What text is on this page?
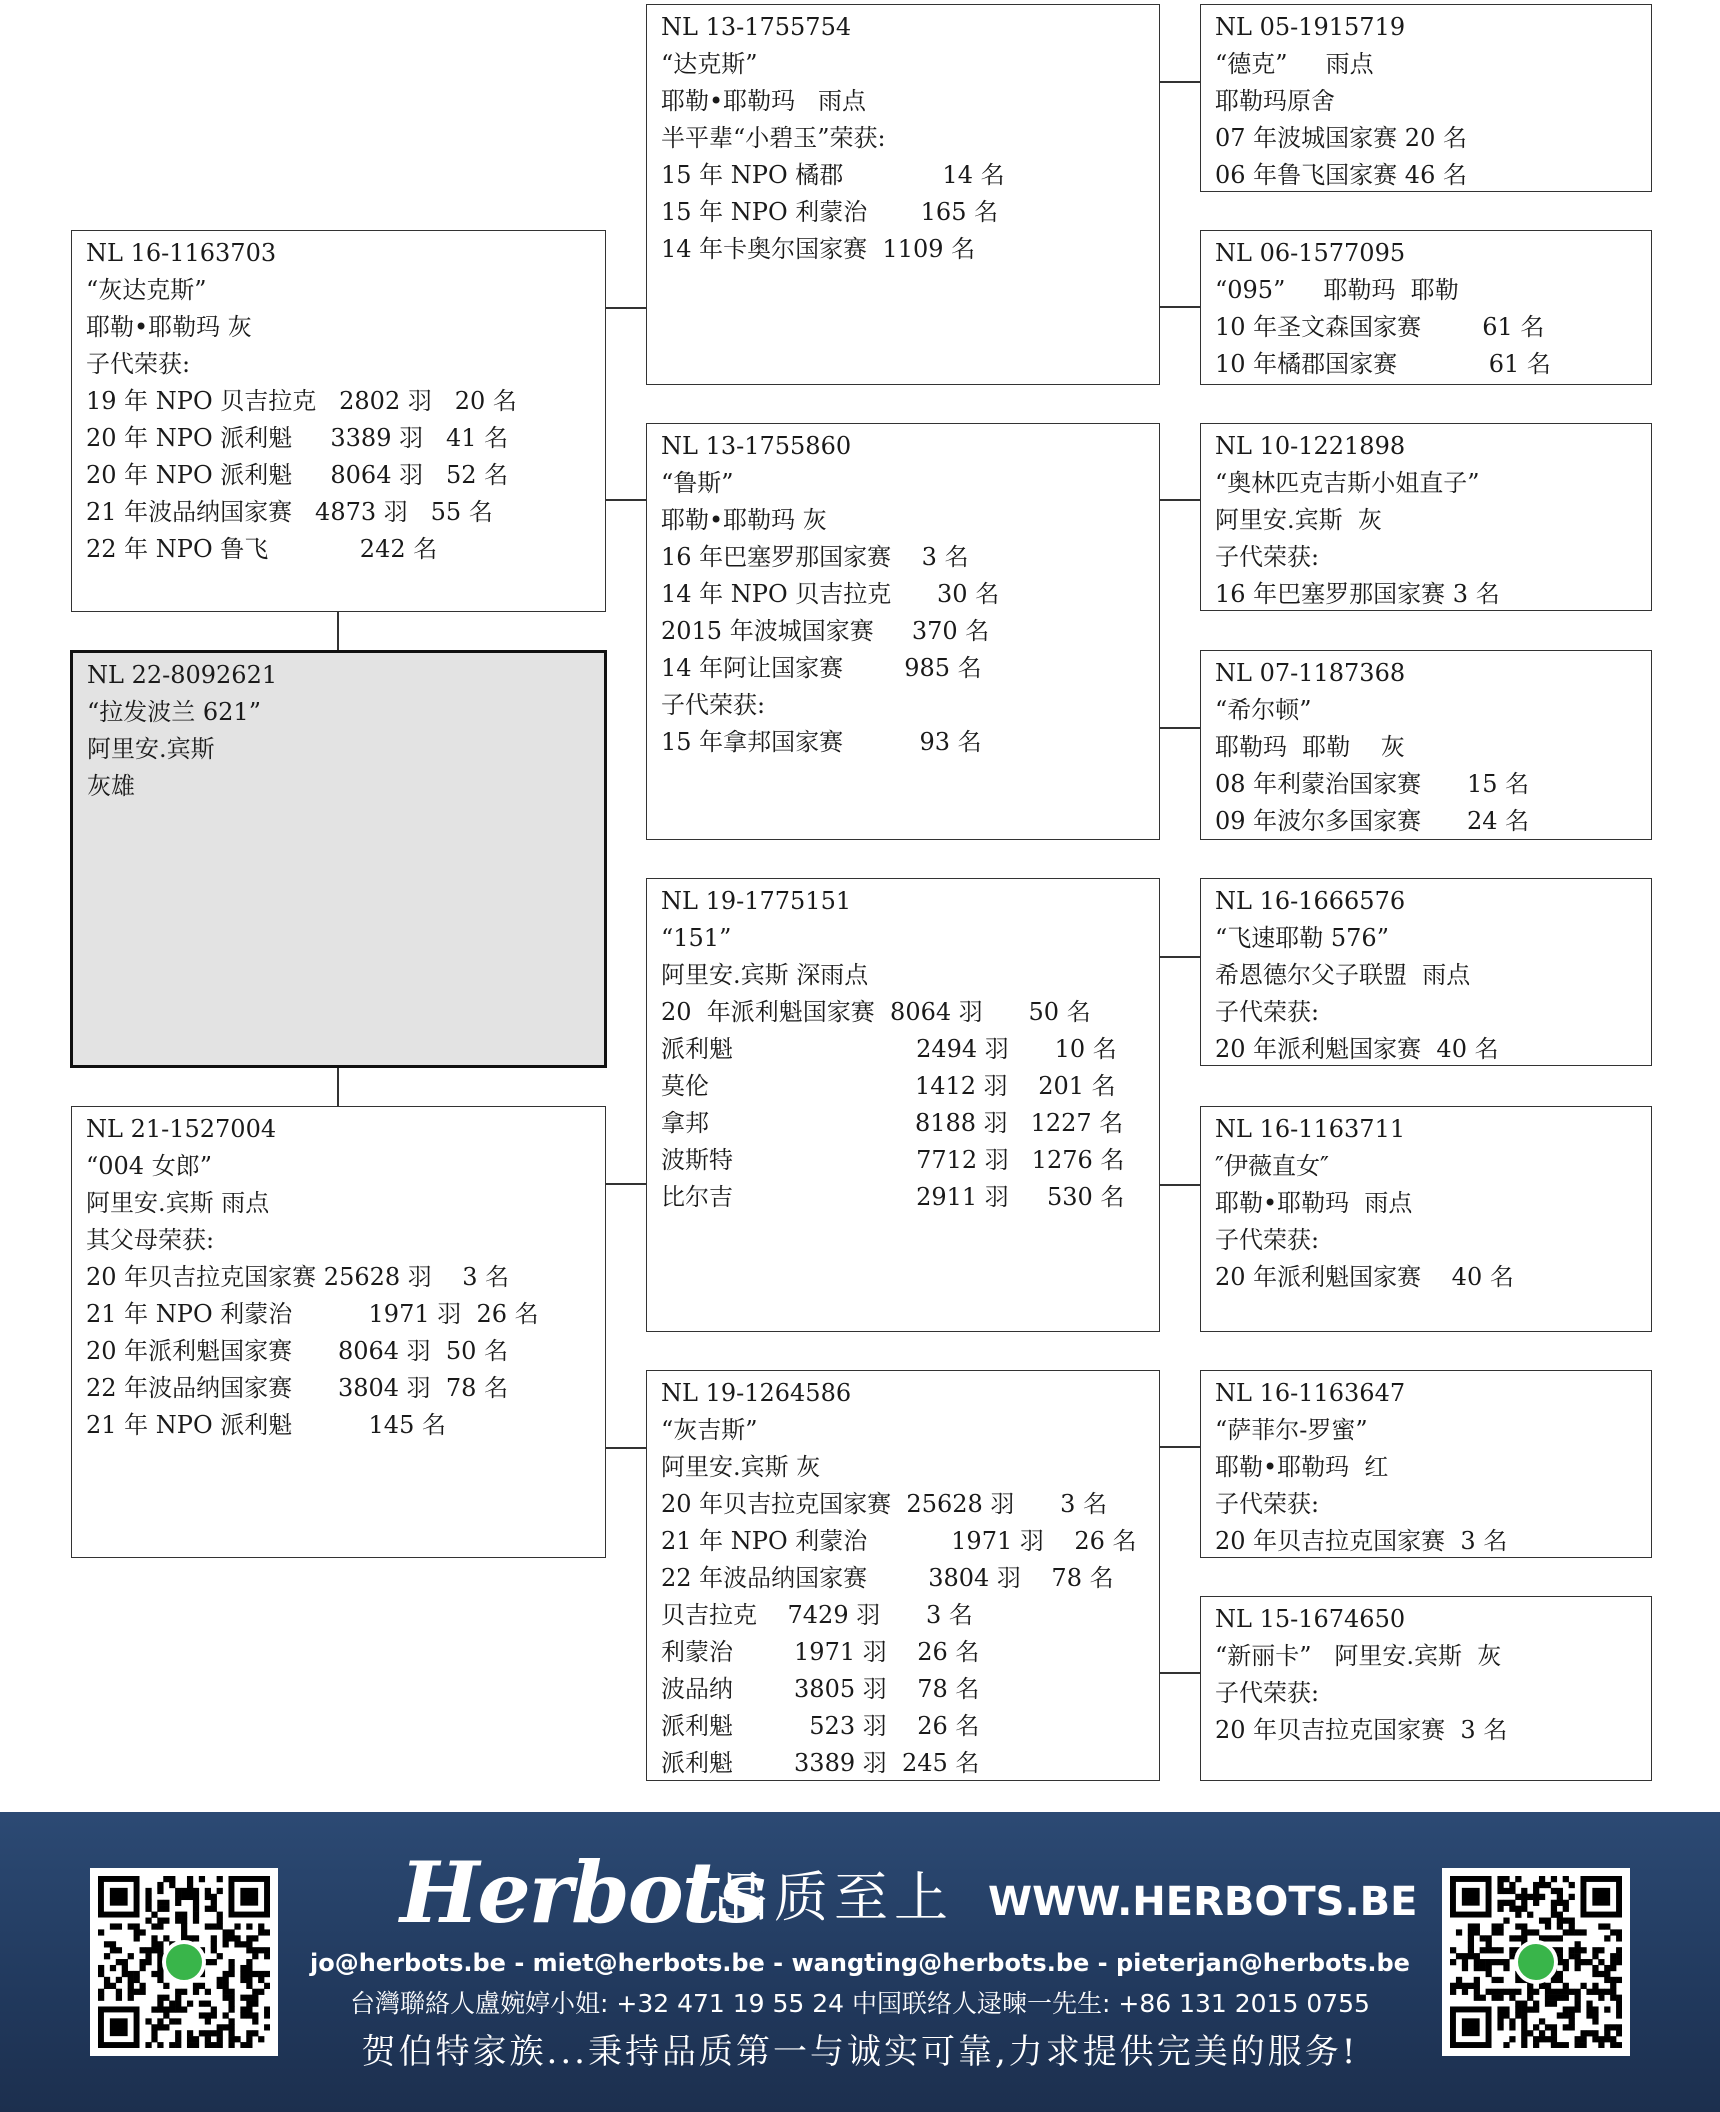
NL 16-1163703
“灰达克斯”
耶勒•耶勒玛 灰
子代荣获:
19 年 NPO 贝吉拉克   2802 羽   20 名
20 年 NPO 派利魁     3389 羽   41 名
20 年 NPO 派利魁     8064 羽   52 名
21 年波品纳国家赛   4873 羽   55 名
22 年 NPO 鲁飞            242 名
NL 22-8092621
“拉发波兰 621”
阿里安.宾斯
灰雄
NL 21-1527004
“004 女郎”
阿里安.宾斯 雨点
其父母荣获:
20 年贝吉拉克国家赛 25628 羽    3 名
21 年 NPO 利蒙治          1971 羽  26 名
20 年派利魁国家赛      8064 羽  50 名
22 年波品纳国家赛      3804 羽  78 名
21 年 NPO 派利魁          145 名
NL 13-1755754
“达克斯”
耶勒•耶勒玛   雨点
半平辈“小碧玉”荣获:
15 年 NPO 橘郡             14 名
15 年 NPO 利蒙治       165 名
14 年卡奥尔国家赛  1109 名
NL 13-1755860
“鲁斯”
耶勒•耶勒玛 灰
16 年巴塞罗那国家赛    3 名
14 年 NPO 贝吉拉克      30 名
2015 年波城国家赛     370 名
14 年阿让国家赛        985 名
子代荣获:
15 年拿邦国家赛          93 名
NL 19-1775151
“151”
阿里安.宾斯 深雨点
20  年派利魁国家赛  8064 羽      50 名
派利魁                        2494 羽      10 名
莫伦                           1412 羽    201 名
拿邦                           8188 羽   1227 名
波斯特                        7712 羽   1276 名
比尔吉                        2911 羽     530 名
NL 19-1264586
“灰吉斯”
阿里安.宾斯 灰
20 年贝吉拉克国家赛  25628 羽      3 名
21 年 NPO 利蒙治           1971 羽    26 名
22 年波品纳国家赛        3804 羽    78 名
贝吉拉克    7429 羽      3 名
利蒙治        1971 羽    26 名
波品纳        3805 羽    78 名
派利魁          523 羽    26 名
派利魁        3389 羽  245 名
NL 05-1915719
“德克”     雨点
耶勒玛原舍
07 年波城国家赛 20 名
06 年鲁飞国家赛 46 名
NL 06-1577095
“095”     耶勒玛  耶勒
10 年圣文森国家赛        61 名
10 年橘郡国家赛            61 名
NL 10-1221898
“奥林匹克吉斯小姐直子”
阿里安.宾斯  灰
子代荣获:
16 年巴塞罗那国家赛 3 名
NL 07-1187368
“希尔顿”
耶勒玛  耶勒    灰
08 年利蒙治国家赛      15 名
09 年波尔多国家赛      24 名
NL 16-1666576
“飞速耶勒 576”
希恩德尔父子联盟  雨点
子代荣获:
20 年派利魁国家赛  40 名
NL 16-1163711
″伊薇直女″
耶勒•耶勒玛  雨点
子代荣获:
20 年派利魁国家赛    40 名
NL 16-1163647
“萨菲尔-罗蜜”
耶勒•耶勒玛  红
子代荣获:
20 年贝吉拉克国家赛  3 名
NL 15-1674650
“新丽卡”   阿里安.宾斯  灰
子代荣获:
20 年贝吉拉克国家赛  3 名
Herbots
品质至上 WWW.HERBOTS.BE
jo@herbots.be - miet@herbots.be - wangting@herbots.be - pieterjan@herbots.be
台灣聯絡人盧婉婷小姐: +32 471 19 55 24 中国联络人逯暕一先生: +86 131 2015 0755
贺伯特家族...秉持品质第一与诚实可靠,力求提供完美的服务!
